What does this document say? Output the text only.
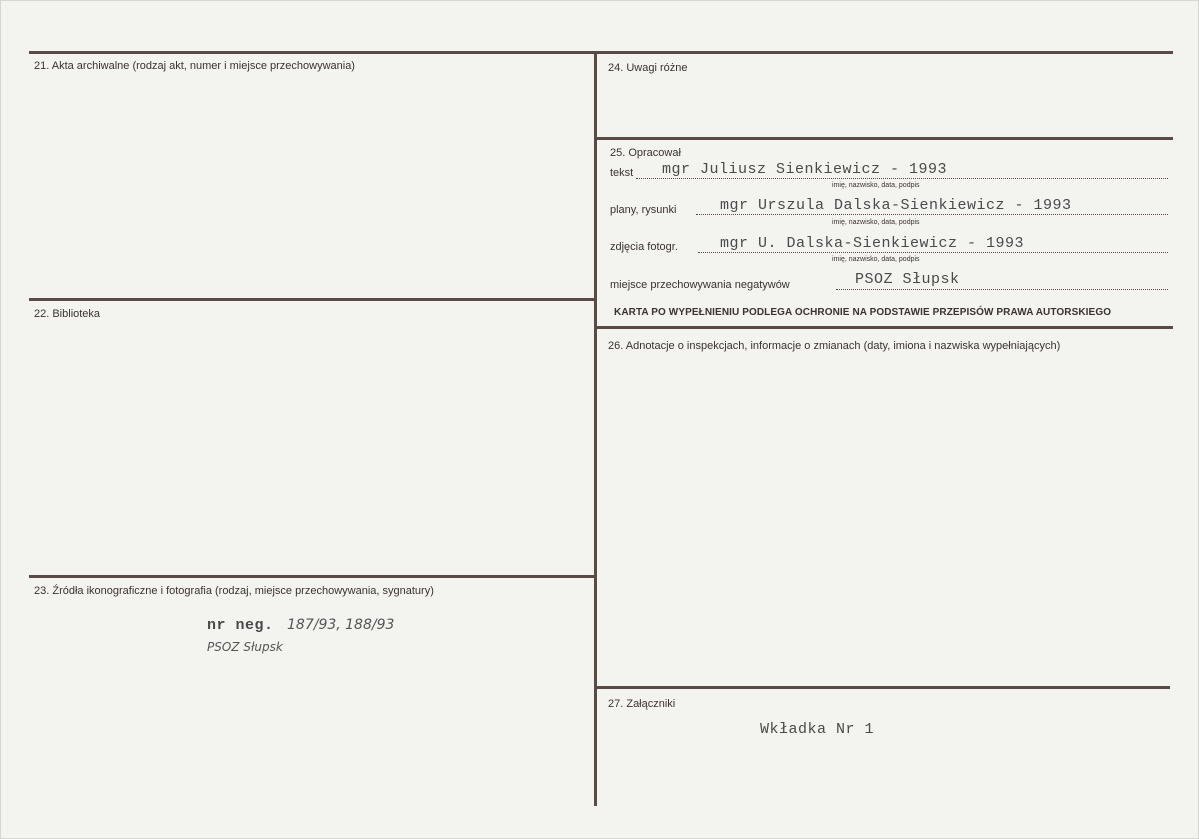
21. Akta archiwalne (rodzaj akt, numer i miejsce przechowywania)
22. Biblioteka
23. Źródła ikonograficzne i fotografia (rodzaj, miejsce przechowywania, sygnatury)
nr neg. 187/93, 188/93
PSOZ Słupsk
24. Uwagi różne
25. Opracował
tekst mgr Juliusz Sienkiewicz - 1993
imię, nazwisko, data, podpis
plany, rysunki	mgr Urszula Dalska-Sienkiewicz - 1993
imię, nazwisko, data, podpis
zdjęcia fotogr.	mgr U. Dalska-Sienkiewicz - 1993
imię, nazwisko, data, podpis
miejsce przechowywania negatywów	PSOZ Słupsk
KARTA PO WYPEŁNIENIU PODLEGA OCHRONIE NA PODSTAWIE PRZEPISÓW PRAWA AUTORSKIEGO
26. Adnotacje o inspekcjach, informacje o zmianach (daty, imiona i nazwiska wypełniających)
27. Załączniki
Wkładka Nr 1
